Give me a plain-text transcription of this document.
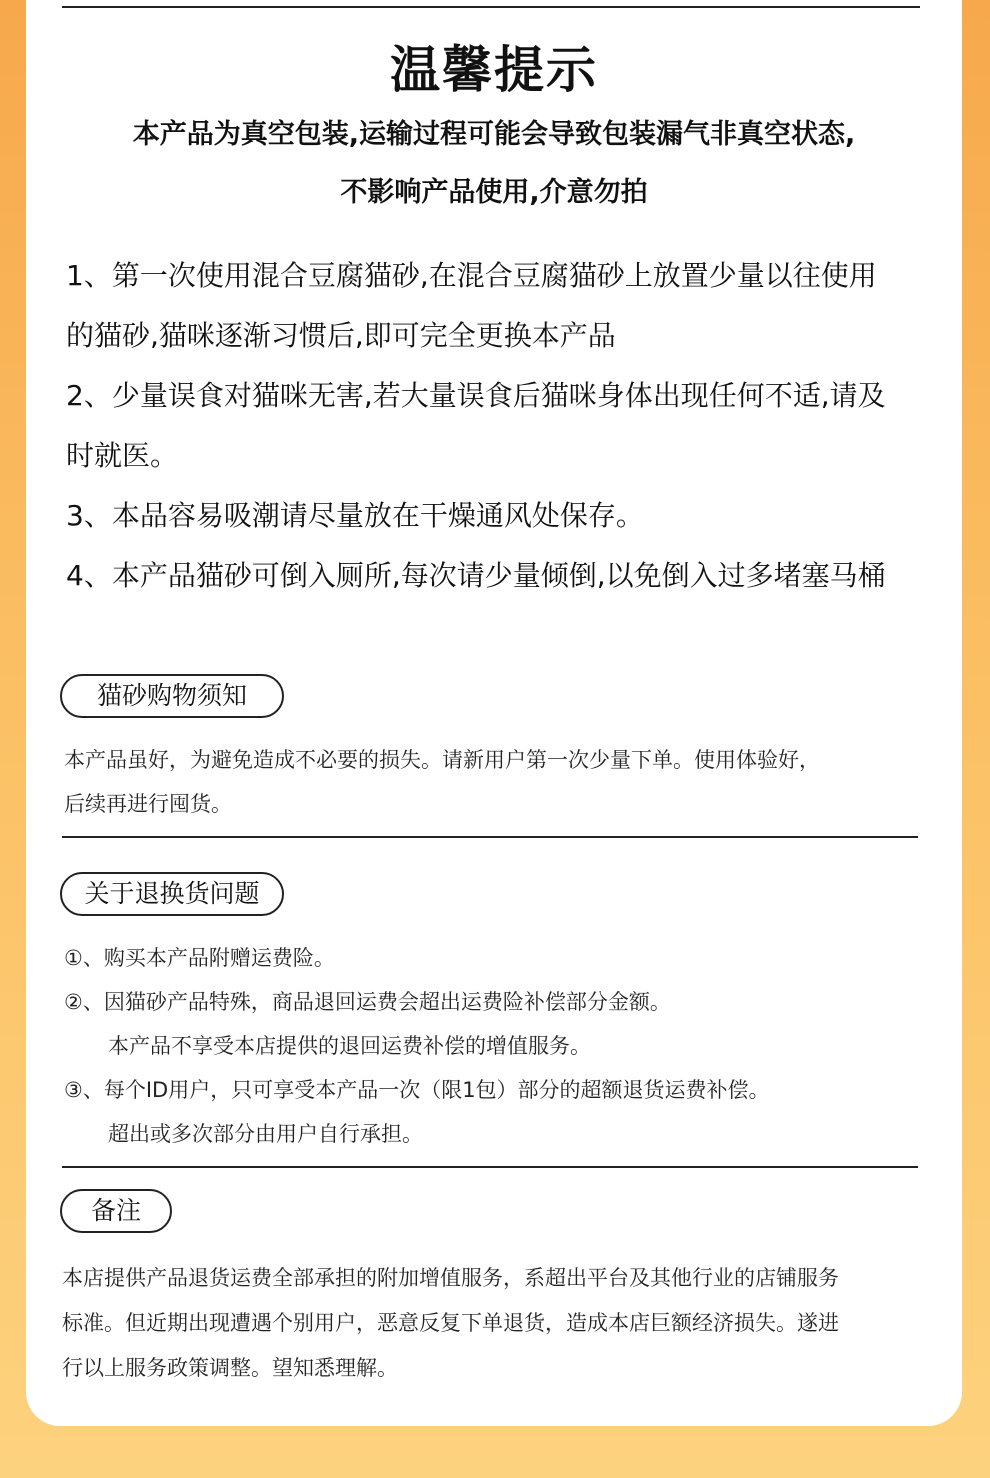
温馨提示
本产品为真空包装,运输过程可能会导致包装漏气非真空状态,
不影响产品使用,介意勿拍
1、第一次使用混合豆腐猫砂,在混合豆腐猫砂上放置少量以往使用
的猫砂,猫咪逐渐习惯后,即可完全更换本产品
2、少量误食对猫咪无害,若大量误食后猫咪身体出现任何不适,请及
时就医。
3、本品容易吸潮请尽量放在干燥通风处保存。
4、本产品猫砂可倒入厕所,每次请少量倾倒,以免倒入过多堵塞马桶
猫砂购物须知
本产品虽好，为避免造成不必要的损失。请新用户第一次少量下单。使用体验好，
后续再进行囤货。
关于退换货问题
①、购买本产品附赠运费险。
②、因猫砂产品特殊，商品退回运费会超出运费险补偿部分金额。
本产品不享受本店提供的退回运费补偿的增值服务。
③、每个ID用户，只可享受本产品一次（限1包）部分的超额退货运费补偿。
超出或多次部分由用户自行承担。
备注
本店提供产品退货运费全部承担的附加增值服务，系超出平台及其他行业的店铺服务
标准。但近期出现遭遇个别用户，恶意反复下单退货，造成本店巨额经济损失。遂进
行以上服务政策调整。望知悉理解。
